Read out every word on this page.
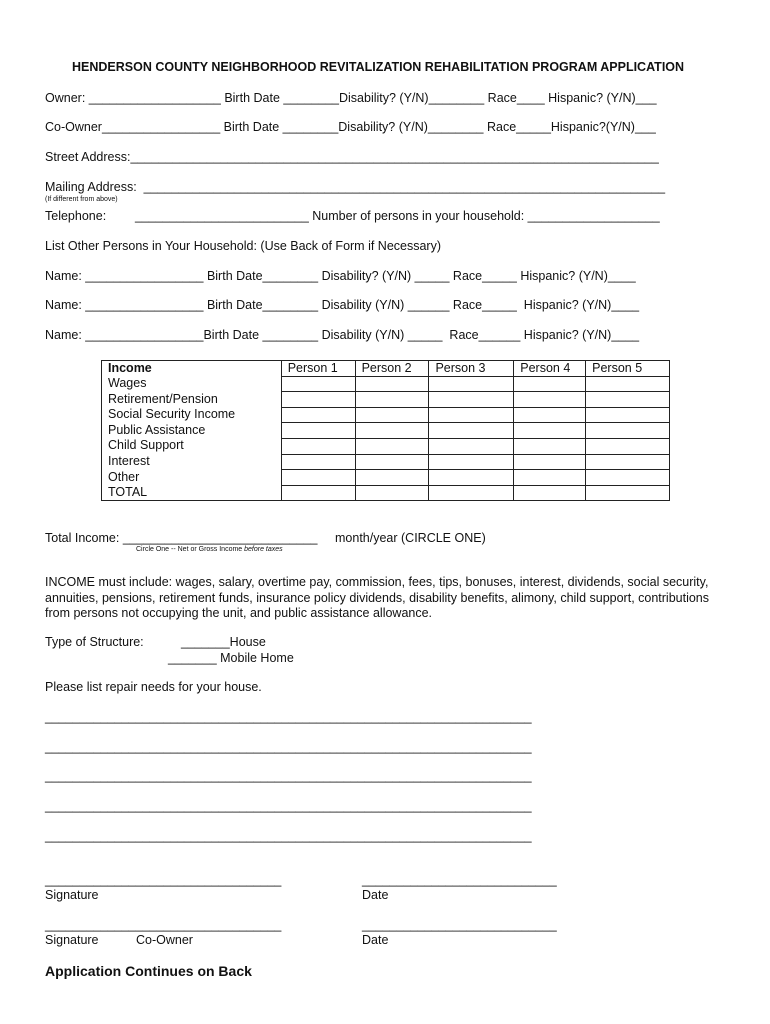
HENDERSON COUNTY NEIGHBORHOOD REVITALIZATION REHABILITATION PROGRAM APPLICATION
Owner: ___________________ Birth Date ________Disability? (Y/N)________ Race____ Hispanic? (Y/N)___
Co-Owner_________________ Birth Date ________Disability? (Y/N)________ Race_____Hispanic?(Y/N)___
Street Address:____________________________________________________________________________
Mailing Address:  ___________________________________________________________________________
(If different from above)
Telephone: _________________________ Number of persons in your household: ___________________
List Other Persons in Your Household: (Use Back of Form if Necessary)
Name: _________________ Birth Date________ Disability? (Y/N) _____ Race_____ Hispanic? (Y/N)____
Name: _________________ Birth Date________ Disability (Y/N) ______ Race_____  Hispanic? (Y/N)____
Name: _________________Birth Date ________ Disability (Y/N) _____  Race______ Hispanic? (Y/N)____
Income	Person 1	Person 2	Person 3	Person 4	Person 5
Wages					
Retirement/Pension					
Social Security Income					
Public Assistance					
Child Support					
Interest					
Other					
TOTAL					
Total Income: ____________________________ month/year (CIRCLE ONE)
Circle One -- Net or Gross Income before taxes
INCOME must include: wages, salary, overtime pay, commission, fees, tips, bonuses, interest, dividends, social security, annuities, pensions, retirement funds, insurance policy dividends, disability benefits, alimony, child support, contributions from persons not occupying the unit, and public assistance allowance.
Type of Structure:	_______House
_______ Mobile Home
Please list repair needs for your house.
______________________________________________________________________
______________________________________________________________________
______________________________________________________________________
______________________________________________________________________
______________________________________________________________________
__________________________________
Signature
____________________________
Date
__________________________________
Signature	Co-Owner
____________________________
Date
Application Continues on Back
